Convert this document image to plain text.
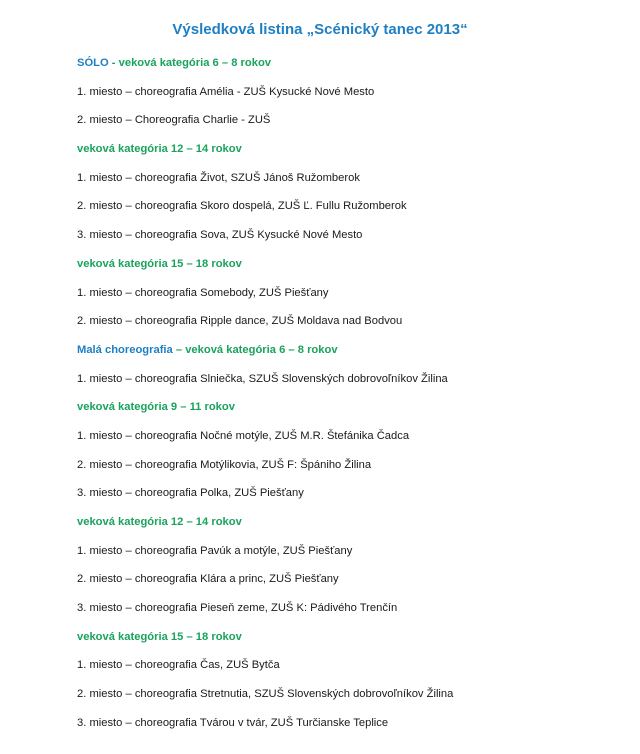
Výsledková listina „Scénický tanec 2013“
SÓLO - veková kategória 6 – 8 rokov
1. miesto – choreografia Amélia - ZUŠ Kysucké Nové Mesto
2. miesto – Choreografia Charlie - ZUŠ
veková kategória 12 – 14 rokov
1. miesto – choreografia Život, SZUŠ Jánoš Ružomberok
2. miesto – choreografia Skoro dospelá, ZUŠ Ľ. Fullu Ružomberok
3. miesto – choreografia Sova, ZUŠ Kysucké Nové Mesto
veková kategória 15 – 18 rokov
1. miesto – choreografia Somebody, ZUŠ Piešťany
2. miesto – choreografia Ripple dance, ZUŠ Moldava nad Bodvou
Malá choreografia – veková kategória 6 – 8 rokov
1. miesto – choreografia Slniečka, SZUŠ Slovenských dobrovoľníkov Žilina
veková kategória 9 – 11 rokov
1. miesto – choreografia Nočné motýle, ZUŠ M.R. Štefánika Čadca
2. miesto – choreografia Motýlikovia, ZUŠ F: Špániho Žilina
3. miesto – choreografia Polka, ZUŠ Piešťany
veková kategória 12 – 14 rokov
1. miesto – choreografia Pavúk a motýle, ZUŠ Piešťany
2. miesto – choreografia Klára a princ, ZUŠ Piešťany
3. miesto – choreografia Pieseň zeme, ZUŠ K: Pádivého Trenčín
veková kategória 15 – 18 rokov
1. miesto – choreografia Čas, ZUŠ Bytča
2. miesto – choreografia Stretnutia, SZUŠ Slovenských dobrovoľníkov Žilina
3. miesto – choreografia Tvárou v tvár, ZUŠ Turčianske Teplice
